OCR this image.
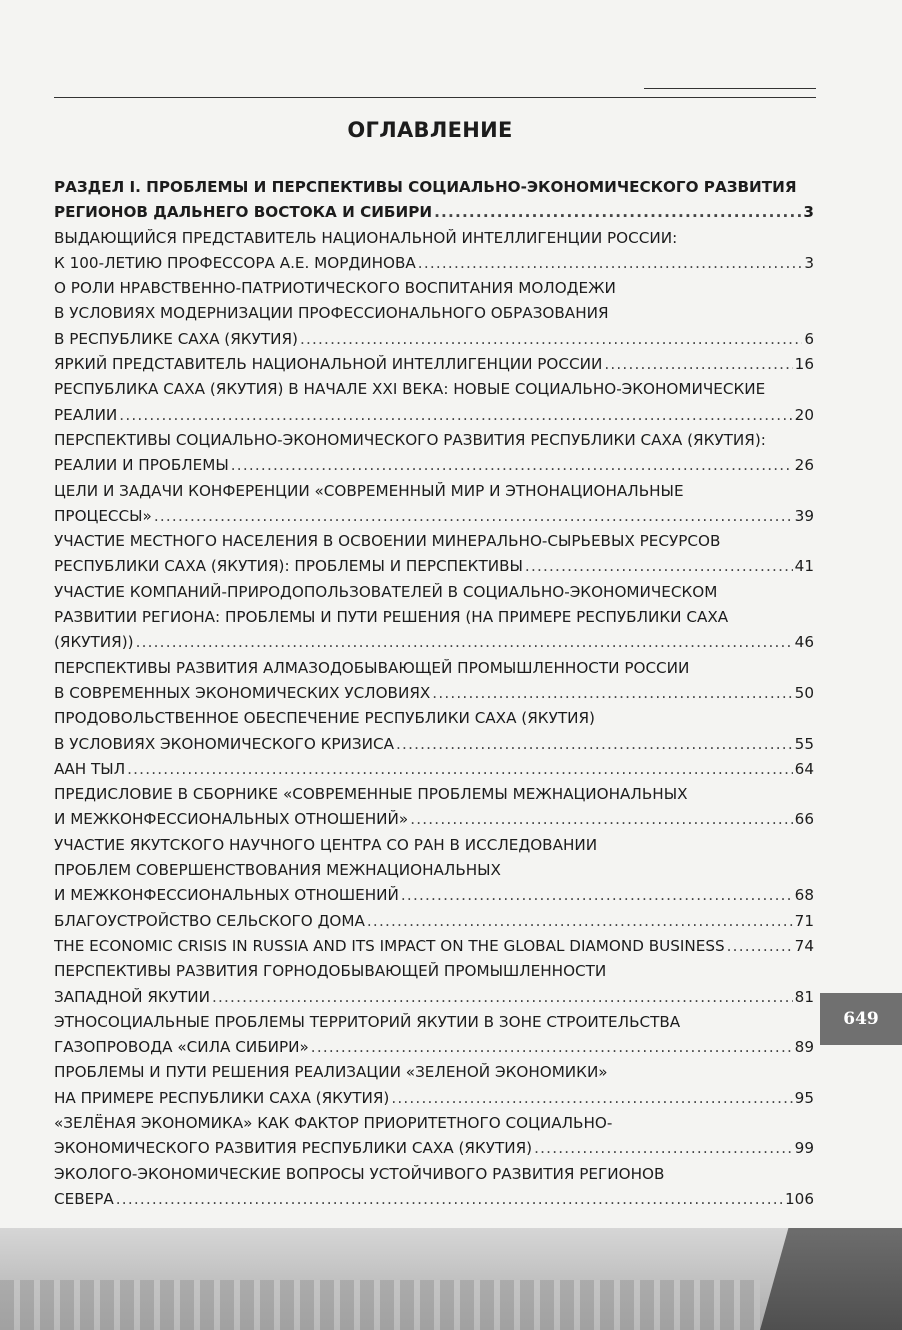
ОГЛАВЛЕНИЕ
РАЗДЕЛ I. ПРОБЛЕМЫ И ПЕРСПЕКТИВЫ СОЦИАЛЬНО-ЭКОНОМИЧЕСКОГО РАЗВИТИЯ
РЕГИОНОВ ДАЛЬНЕГО ВОСТОКА И СИБИРИ .....	3
ВЫДАЮЩИЙСЯ ПРЕДСТАВИТЕЛЬ НАЦИОНАЛЬНОЙ ИНТЕЛЛИГЕНЦИИ РОССИИ:
К 100-ЛЕТИЮ ПРОФЕССОРА А.Е. МОРДИНОВА .....	3
О РОЛИ НРАВСТВЕННО-ПАТРИОТИЧЕСКОГО ВОСПИТАНИЯ МОЛОДЕЖИ
В УСЛОВИЯХ МОДЕРНИЗАЦИИ ПРОФЕССИОНАЛЬНОГО ОБРАЗОВАНИЯ
В РЕСПУБЛИКЕ САХА (ЯКУТИЯ) .....	6
ЯРКИЙ ПРЕДСТАВИТЕЛЬ НАЦИОНАЛЬНОЙ ИНТЕЛЛИГЕНЦИИ РОССИИ .....	16
РЕСПУБЛИКА САХА (ЯКУТИЯ) В НАЧАЛЕ XXI ВЕКА: НОВЫЕ СОЦИАЛЬНО-ЭКОНОМИЧЕСКИЕ
РЕАЛИИ .....	20
ПЕРСПЕКТИВЫ СОЦИАЛЬНО-ЭКОНОМИЧЕСКОГО РАЗВИТИЯ РЕСПУБЛИКИ САХА (ЯКУТИЯ):
РЕАЛИИ И ПРОБЛЕМЫ .....	26
ЦЕЛИ И ЗАДАЧИ КОНФЕРЕНЦИИ «СОВРЕМЕННЫЙ МИР И ЭТНОНАЦИОНАЛЬНЫЕ
ПРОЦЕССЫ» .....	39
УЧАСТИЕ МЕСТНОГО НАСЕЛЕНИЯ В ОСВОЕНИИ МИНЕРАЛЬНО-СЫРЬЕВЫХ РЕСУРСОВ
РЕСПУБЛИКИ САХА (ЯКУТИЯ): ПРОБЛЕМЫ И ПЕРСПЕКТИВЫ .....	41
УЧАСТИЕ КОМПАНИЙ-ПРИРОДОПОЛЬЗОВАТЕЛЕЙ В СОЦИАЛЬНО-ЭКОНОМИЧЕСКОМ
РАЗВИТИИ РЕГИОНА: ПРОБЛЕМЫ И ПУТИ РЕШЕНИЯ (НА ПРИМЕРЕ РЕСПУБЛИКИ САХА
(ЯКУТИЯ)) .....	46
ПЕРСПЕКТИВЫ РАЗВИТИЯ АЛМАЗОДОБЫВАЮЩЕЙ ПРОМЫШЛЕННОСТИ РОССИИ
В СОВРЕМЕННЫХ ЭКОНОМИЧЕСКИХ УСЛОВИЯХ .....	50
ПРОДОВОЛЬСТВЕННОЕ ОБЕСПЕЧЕНИЕ РЕСПУБЛИКИ САХА (ЯКУТИЯ)
В УСЛОВИЯХ ЭКОНОМИЧЕСКОГО КРИЗИСА .....	55
ААН ТЫЛ .....	64
ПРЕДИСЛОВИЕ В СБОРНИКЕ «СОВРЕМЕННЫЕ ПРОБЛЕМЫ МЕЖНАЦИОНАЛЬНЫХ
И МЕЖКОНФЕССИОНАЛЬНЫХ ОТНОШЕНИЙ» .....	66
УЧАСТИЕ ЯКУТСКОГО НАУЧНОГО ЦЕНТРА СО РАН В ИССЛЕДОВАНИИ
ПРОБЛЕМ СОВЕРШЕНСТВОВАНИЯ МЕЖНАЦИОНАЛЬНЫХ
И МЕЖКОНФЕССИОНАЛЬНЫХ ОТНОШЕНИЙ .....	68
БЛАГОУСТРОЙСТВО СЕЛЬСКОГО ДОМА .....	71
THE ECONOMIC CRISIS IN RUSSIA AND ITS IMPACT ON THE GLOBAL DIAMOND BUSINESS .....	74
ПЕРСПЕКТИВЫ РАЗВИТИЯ ГОРНОДОБЫВАЮЩЕЙ ПРОМЫШЛЕННОСТИ
ЗАПАДНОЙ ЯКУТИИ .....	81
ЭТНОСОЦИАЛЬНЫЕ ПРОБЛЕМЫ ТЕРРИТОРИЙ ЯКУТИИ В ЗОНЕ СТРОИТЕЛЬСТВА
ГАЗОПРОВОДА «СИЛА СИБИРИ» .....	89
ПРОБЛЕМЫ И ПУТИ РЕШЕНИЯ РЕАЛИЗАЦИИ «ЗЕЛЕНОЙ ЭКОНОМИКИ»
НА ПРИМЕРЕ РЕСПУБЛИКИ САХА (ЯКУТИЯ) .....	95
«ЗЕЛЁНАЯ ЭКОНОМИКА» КАК ФАКТОР ПРИОРИТЕТНОГО СОЦИАЛЬНО-
ЭКОНОМИЧЕСКОГО РАЗВИТИЯ РЕСПУБЛИКИ САХА (ЯКУТИЯ) .....	99
ЭКОЛОГО-ЭКОНОМИЧЕСКИЕ ВОПРОСЫ УСТОЙЧИВОГО РАЗВИТИЯ РЕГИОНОВ
СЕВЕРА .....	106
649
